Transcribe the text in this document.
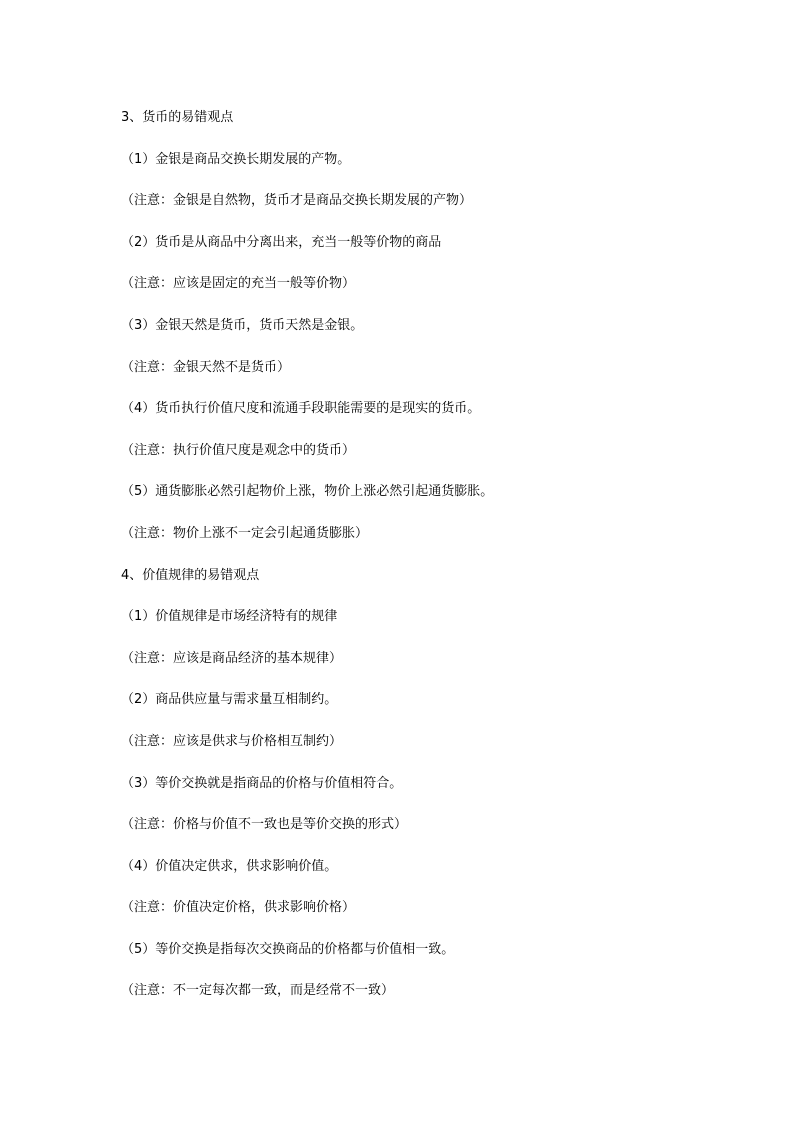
3、货币的易错观点
（1）金银是商品交换长期发展的产物。
（注意：金银是自然物，货币才是商品交换长期发展的产物）
（2）货币是从商品中分离出来，充当一般等价物的商品
（注意：应该是固定的充当一般等价物）
（3）金银天然是货币，货币天然是金银。
（注意：金银天然不是货币）
（4）货币执行价值尺度和流通手段职能需要的是现实的货币。
（注意：执行价值尺度是观念中的货币）
（5）通货膨胀必然引起物价上涨，物价上涨必然引起通货膨胀。
（注意：物价上涨不一定会引起通货膨胀）
4、价值规律的易错观点
（1）价值规律是市场经济特有的规律
（注意：应该是商品经济的基本规律）
（2）商品供应量与需求量互相制约。
（注意：应该是供求与价格相互制约）
（3）等价交换就是指商品的价格与价值相符合。
（注意：价格与价值不一致也是等价交换的形式）
（4）价值决定供求，供求影响价值。
（注意：价值决定价格，供求影响价格）
（5）等价交换是指每次交换商品的价格都与价值相一致。
（注意：不一定每次都一致，而是经常不一致）
